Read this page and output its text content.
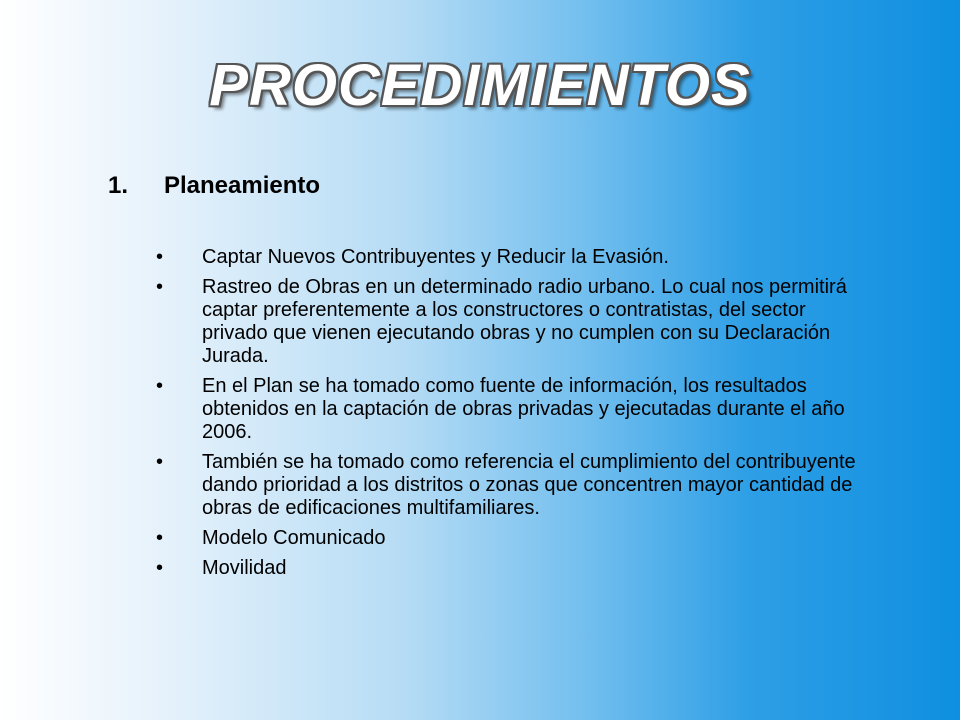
PROCEDIMIENTOS
1. Planeamiento
• Captar Nuevos Contribuyentes y Reducir la Evasión.
• Rastreo de Obras en un determinado radio urbano. Lo cual nos permitirá captar preferentemente a los constructores o contratistas, del sector privado que vienen ejecutando obras y no cumplen con su Declaración Jurada.
• En el Plan se ha tomado como fuente de información, los resultados obtenidos en la captación de obras privadas y ejecutadas durante el año 2006.
• También se ha tomado como referencia el cumplimiento del contribuyente dando prioridad a los distritos o zonas que concentren mayor cantidad de obras de edificaciones multifamiliares.
• Modelo Comunicado
• Movilidad
